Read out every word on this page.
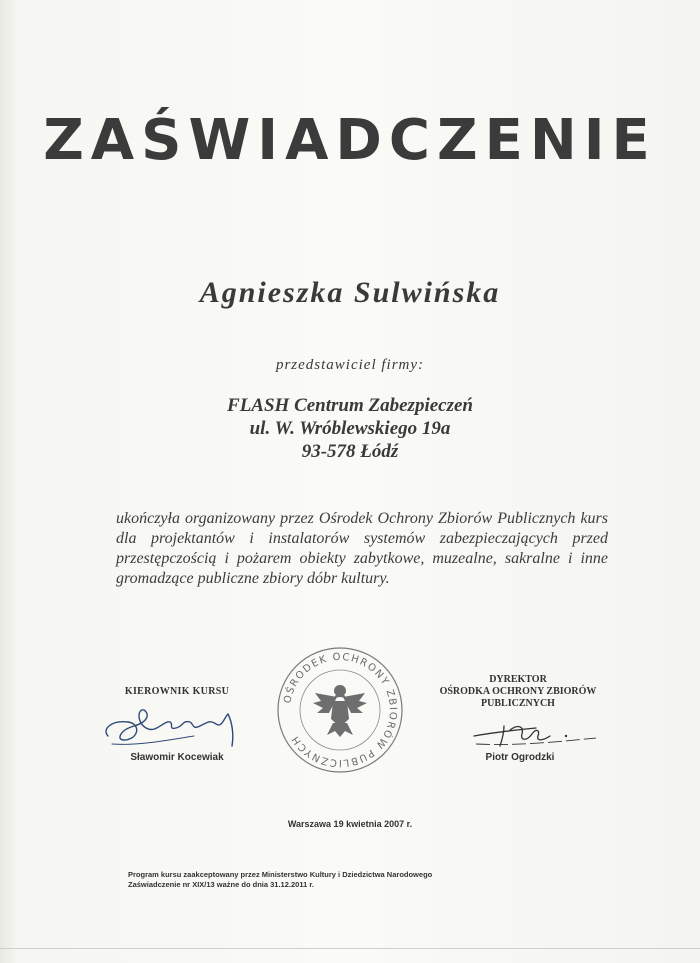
ZAŚWIADCZENIE
Agnieszka Sulwińska
przedstawiciel firmy:
FLASH Centrum Zabezpieczeń
ul. W. Wróblewskiego 19a
93-578 Łódź
ukończyła organizowany przez Ośrodek Ochrony Zbiorów Publicznych kurs dla projektantów i instalatorów systemów zabezpieczających przed przestępczością i pożarem obiekty zabytkowe, muzealne, sakralne i inne gromadzące publiczne zbiory dóbr kultury.
KIEROWNIK KURSU
Sławomir Kocewiak
OŚRODEK OCHRONY ZBIORÓW PUBLICZNYCH
DYREKTOR
OŚRODKA OCHRONY ZBIORÓW
PUBLICZNYCH
Piotr Ogrodzki
Warszawa 19 kwietnia 2007 r.
Program kursu zaakceptowany przez Ministerstwo Kultury i Dziedzictwa Narodowego
Zaświadczenie nr XIX/13 ważne do dnia 31.12.2011 r.
